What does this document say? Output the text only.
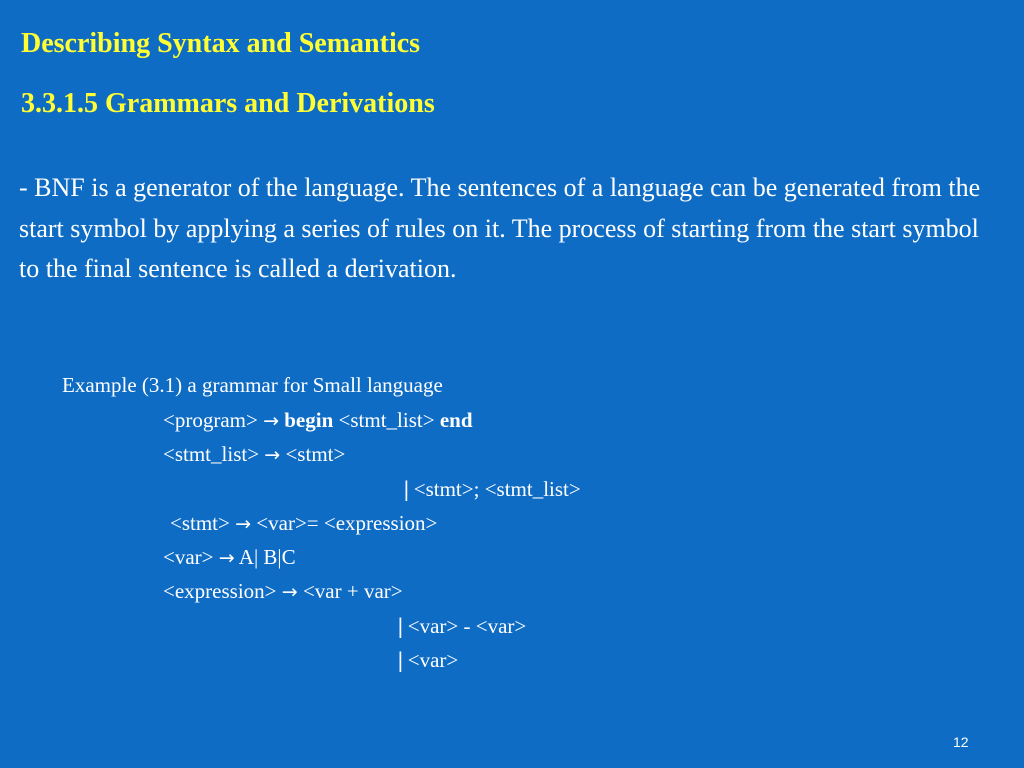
Describing Syntax and Semantics
3.3.1.5 Grammars and Derivations
- BNF is a generator of the language. The sentences of a language can be generated from the start symbol by applying a series of rules on it. The process of starting from the start symbol to the final sentence is called a derivation.
Example (3.1) a grammar for Small language
<program> → begin <stmt_list> end
<stmt_list> → <stmt>
| <stmt>; <stmt_list>
<stmt> → <var>= <expression>
<var> → A| B|C
<expression> → <var + var>
| <var> - <var>
| <var>
12
